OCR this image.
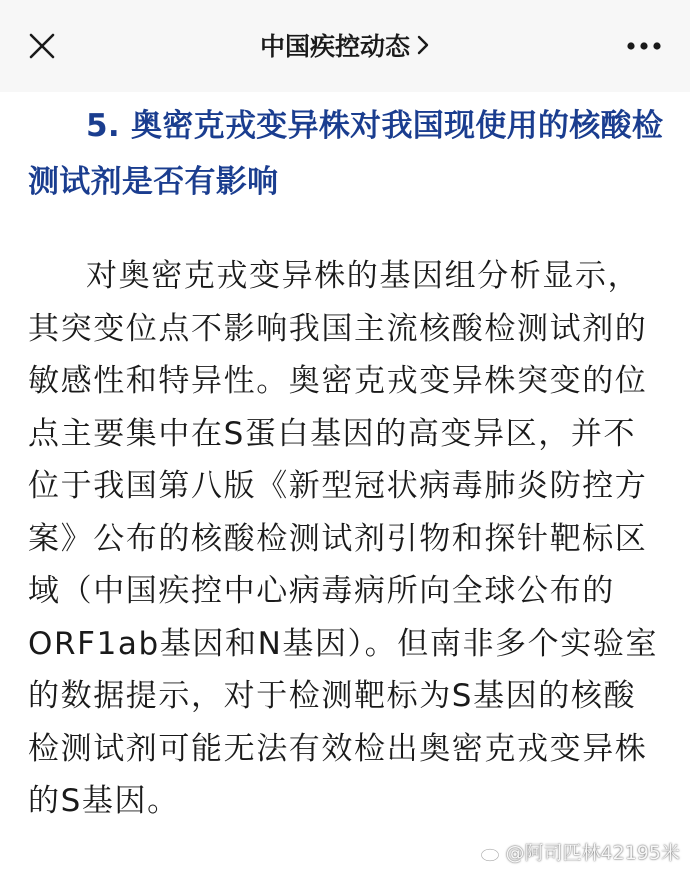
中国疾控动态
5. 奥密克戎变异株对我国现使用的核酸检测试剂是否有影响

对奥密克戎变异株的基因组分析显示，其突变位点不影响我国主流核酸检测试剂的敏感性和特异性。奥密克戎变异株突变的位点主要集中在S蛋白基因的高变异区，并不位于我国第八版《新型冠状病毒肺炎防控方案》公布的核酸检测试剂引物和探针靶标区域（中国疾控中心病毒病所向全球公布的ORF1ab基因和N基因）。但南非多个实验室的数据提示，对于检测靶标为S基因的核酸检测试剂可能无法有效检出奥密克戎变异株的S基因。

@阿司匹林42195米
